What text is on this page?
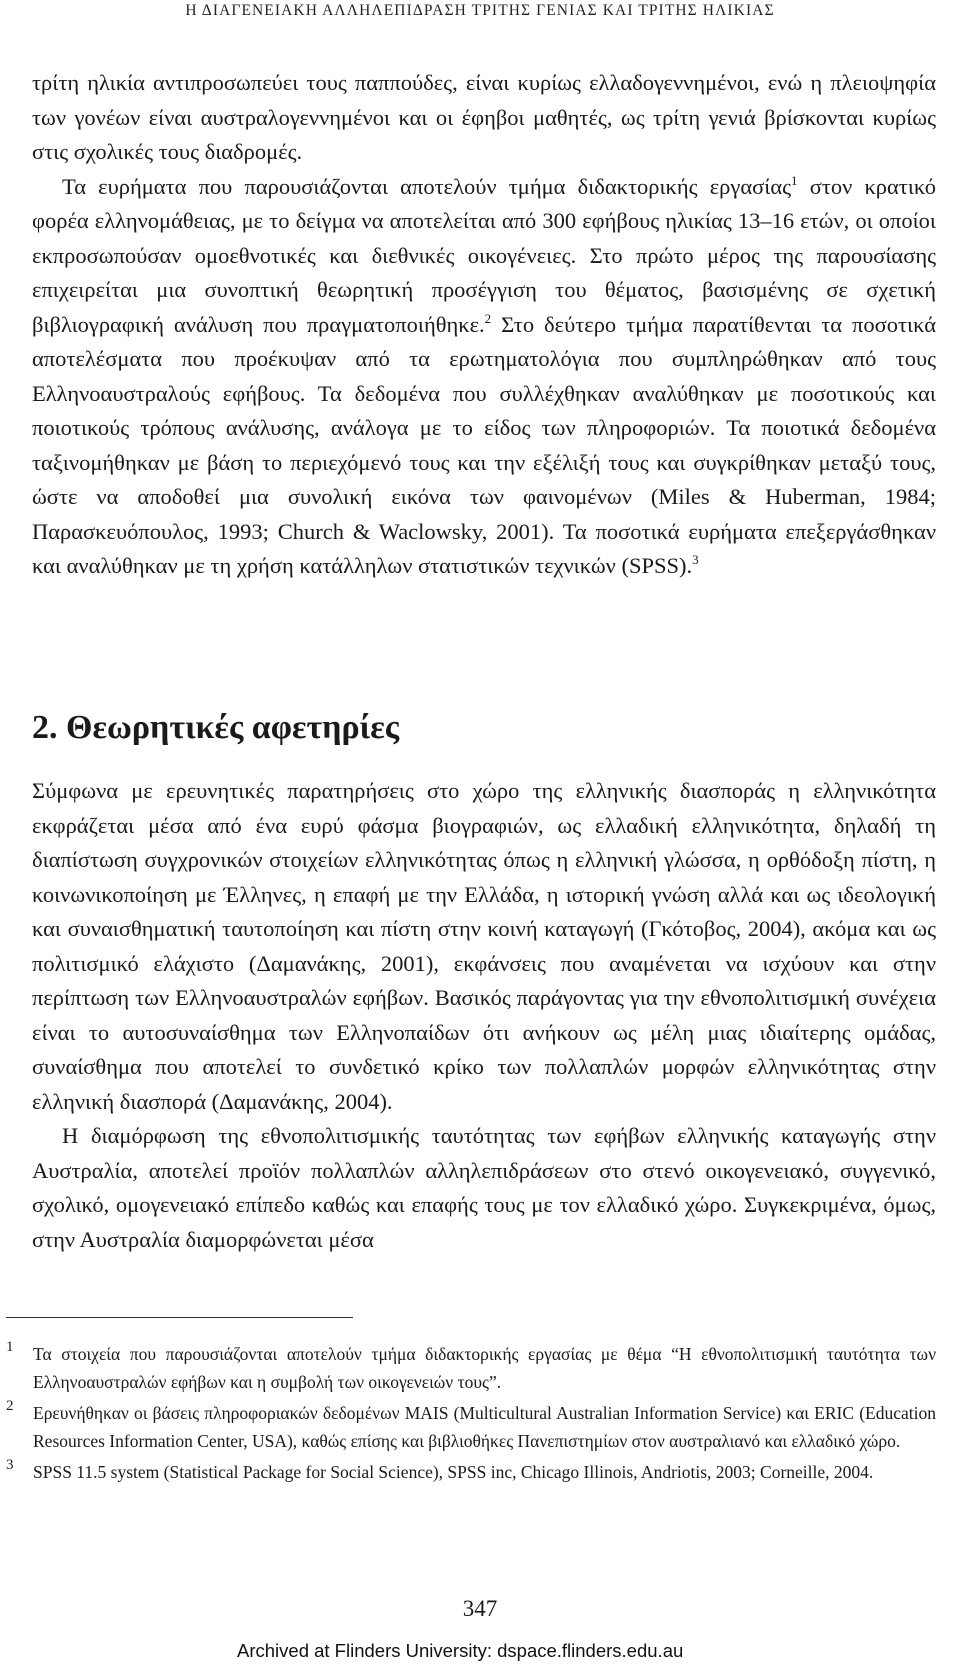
Η ΔΙΑΓΕΝΕΙΑΚΗ ΑΛΛΗΛΕΠΙΔΡΑΣΗ ΤΡΙΤΗΣ ΓΕΝΙΑΣ ΚΑΙ ΤΡΙΤΗΣ ΗΛΙΚΙΑΣ

τρίτη ηλικία αντιπροσωπεύει τους παππούδες, είναι κυρίως ελλαδογεννημένοι, ενώ η πλειοψηφία των γονέων είναι αυστραλογεννημένοι και οι έφηβοι μαθητές, ως τρίτη γενιά βρίσκονται κυρίως στις σχολικές τους διαδρομές.

Τα ευρήματα που παρουσιάζονται αποτελούν τμήμα διδακτορικής εργασίας$^1$ στον κρατικό φορέα ελληνομάθειας, με το δείγμα να αποτελείται από 300 εφήβους ηλικίας 13–16 ετών, οι οποίοι εκπροσωπούσαν ομοεθνοτικές και διεθνικές οικογένειες. Στο πρώτο μέρος της παρουσίασης επιχειρείται μια συνοπτική θεωρητική προσέγγιση του θέματος, βασισμένης σε σχετική βιβλιογραφική ανάλυση που πραγματοποιήθηκε.$^2$ Στο δεύτερο τμήμα παρατίθενται τα ποσοτικά αποτελέσματα που προέκυψαν από τα ερωτηματολόγια που συμπληρώθηκαν από τους Ελληνοαυστραλούς εφήβους. Τα δεδομένα που συλλέχθηκαν αναλύθηκαν με ποσοτικούς και ποιοτικούς τρόπους ανάλυσης, ανάλογα με το είδος των πληροφοριών. Τα ποιοτικά δεδομένα ταξινομήθηκαν με βάση το περιεχόμενό τους και την εξέλιξή τους και συγκρίθηκαν μεταξύ τους, ώστε να αποδοθεί μια συνολική εικόνα των φαινομένων (Miles & Huberman, 1984; Παρασκευόπουλος, 1993; Church & Waclowsky, 2001). Τα ποσοτικά ευρήματα επεξεργάσθηκαν και αναλύθηκαν με τη χρήση κατάλληλων στατιστικών τεχνικών (SPSS).$^3$

2. Θεωρητικές αφετηρίες

Σύμφωνα με ερευνητικές παρατηρήσεις στο χώρο της ελληνικής διασποράς η ελληνικότητα εκφράζεται μέσα από ένα ευρύ φάσμα βιογραφιών, ως ελλαδική ελληνικότητα, δηλαδή τη διαπίστωση συγχρονικών στοιχείων ελληνικότητας όπως η ελληνική γλώσσα, η ορθόδοξη πίστη, η κοινωνικοποίηση με Έλληνες, η επαφή με την Ελλάδα, η ιστορική γνώση αλλά και ως ιδεολογική και συναισθηματική ταυτοποίηση και πίστη στην κοινή καταγωγή (Γκότοβος, 2004), ακόμα και ως πολιτισμικό ελάχιστο (Δαμανάκης, 2001), εκφάνσεις που αναμένεται να ισχύουν και στην περίπτωση των Ελληνοαυστραλών εφήβων. Βασικός παράγοντας για την εθνοπολιτισμική συνέχεια είναι το αυτοσυναίσθημα των Ελληνοπαίδων ότι ανήκουν ως μέλη μιας ιδιαίτερης ομάδας, συναίσθημα που αποτελεί το συνδετικό κρίκο των πολλαπλών μορφών ελληνικότητας στην ελληνική διασπορά (Δαμανάκης, 2004).

Η διαμόρφωση της εθνοπολιτισμικής ταυτότητας των εφήβων ελληνικής καταγωγής στην Αυστραλία, αποτελεί προϊόν πολλαπλών αλληλεπιδράσεων στο στενό οικογενειακό, συγγενικό, σχολικό, ομογενειακό επίπεδο καθώς και επαφής τους με τον ελλαδικό χώρο. Συγκεκριμένα, όμως, στην Αυστραλία διαμορφώνεται μέσα

1 Τα στοιχεία που παρουσιάζονται αποτελούν τμήμα διδακτορικής εργασίας με θέμα “Η εθνοπολιτισμική ταυτότητα των Ελληνοαυστραλών εφήβων και η συμβολή των οικογενειών τους”.
2 Ερευνήθηκαν οι βάσεις πληροφοριακών δεδομένων MAIS (Multicultural Australian Information Service) και ERIC (Education Resources Information Center, USA), καθώς επίσης και βιβλιοθήκες Πανεπιστημίων στον αυστραλιανό και ελλαδικό χώρο.
3 SPSS 11.5 system (Statistical Package for Social Science), SPSS inc, Chicago Illinois, Andriotis, 2003; Corneille, 2004.
347
Archived at Flinders University: dspace.flinders.edu.au
